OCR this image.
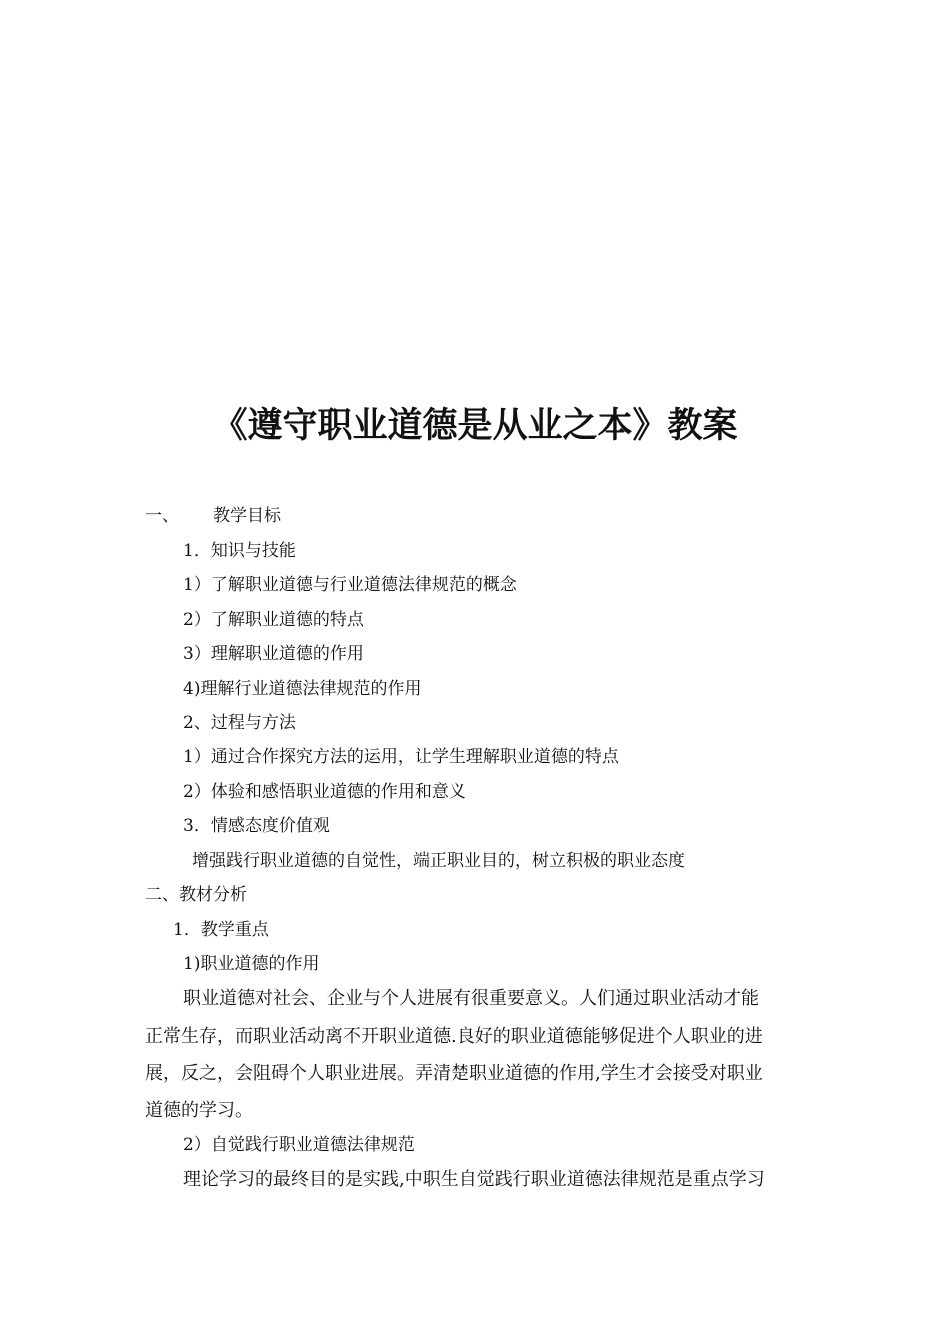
《遵守职业道德是从业之本》教案
一、 教学目标
1．知识与技能
1）了解职业道德与行业道德法律规范的概念
2）了解职业道德的特点
3）理解职业道德的作用
4)理解行业道德法律规范的作用
2、过程与方法
1）通过合作探究方法的运用，让学生理解职业道德的特点
2）体验和感悟职业道德的作用和意义
3．情感态度价值观
增强践行职业道德的自觉性，端正职业目的，树立积极的职业态度
二、教材分析
1．教学重点
1)职业道德的作用
职业道德对社会、企业与个人进展有很重要意义。人们通过职业活动才能
正常生存，而职业活动离不开职业道德.良好的职业道德能够促进个人职业的进
展，反之，会阻碍个人职业进展。弄清楚职业道德的作用,学生才会接受对职业
道德的学习。
2）自觉践行职业道德法律规范
理论学习的最终目的是实践,中职生自觉践行职业道德法律规范是重点学习
